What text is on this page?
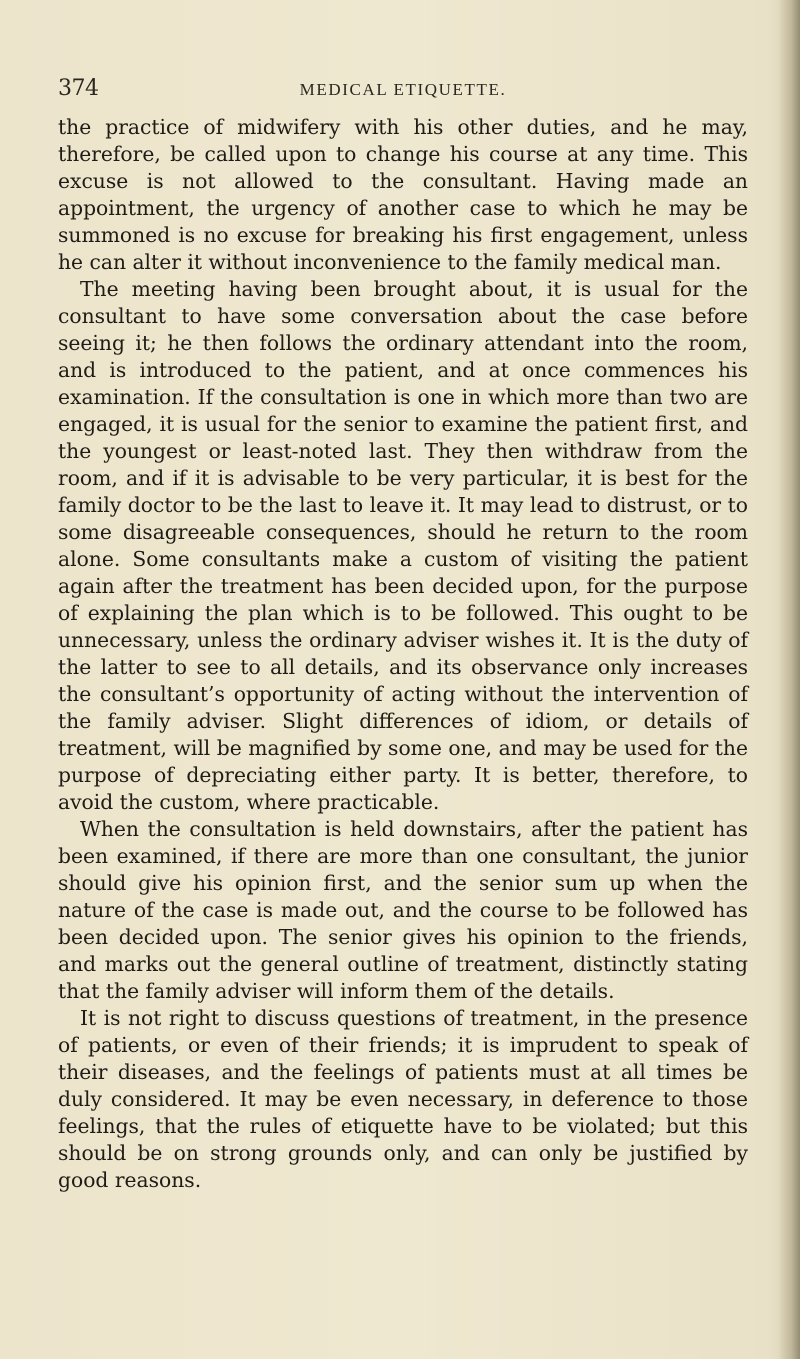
374	MEDICAL ETIQUETTE.

the practice of midwifery with his other duties, and he may, therefore, be called upon to change his course at any time. This excuse is not allowed to the consultant. Having made an appointment, the urgency of another case to which he may be summoned is no excuse for breaking his first engagement, unless he can alter it without inconvenience to the family medical man.

The meeting having been brought about, it is usual for the consultant to have some conversation about the case before seeing it; he then follows the ordinary attendant into the room, and is introduced to the patient, and at once commences his examination. If the consultation is one in which more than two are engaged, it is usual for the senior to examine the patient first, and the youngest or least-noted last. They then withdraw from the room, and if it is advisable to be very particular, it is best for the family doctor to be the last to leave it. It may lead to distrust, or to some disagreeable consequences, should he return to the room alone. Some consultants make a custom of visiting the patient again after the treatment has been decided upon, for the purpose of explaining the plan which is to be followed. This ought to be unnecessary, unless the ordinary adviser wishes it. It is the duty of the latter to see to all details, and its observance only increases the consultant’s opportunity of acting without the intervention of the family adviser. Slight differences of idiom, or details of treatment, will be magnified by some one, and may be used for the purpose of depreciating either party. It is better, therefore, to avoid the custom, where practicable.

When the consultation is held downstairs, after the patient has been examined, if there are more than one consultant, the junior should give his opinion first, and the senior sum up when the nature of the case is made out, and the course to be followed has been decided upon. The senior gives his opinion to the friends, and marks out the general outline of treatment, distinctly stating that the family adviser will inform them of the details.

It is not right to discuss questions of treatment, in the presence of patients, or even of their friends; it is imprudent to speak of their diseases, and the feelings of patients must at all times be duly considered. It may be even necessary, in deference to those feelings, that the rules of etiquette have to be violated; but this should be on strong grounds only, and can only be justified by good reasons.
